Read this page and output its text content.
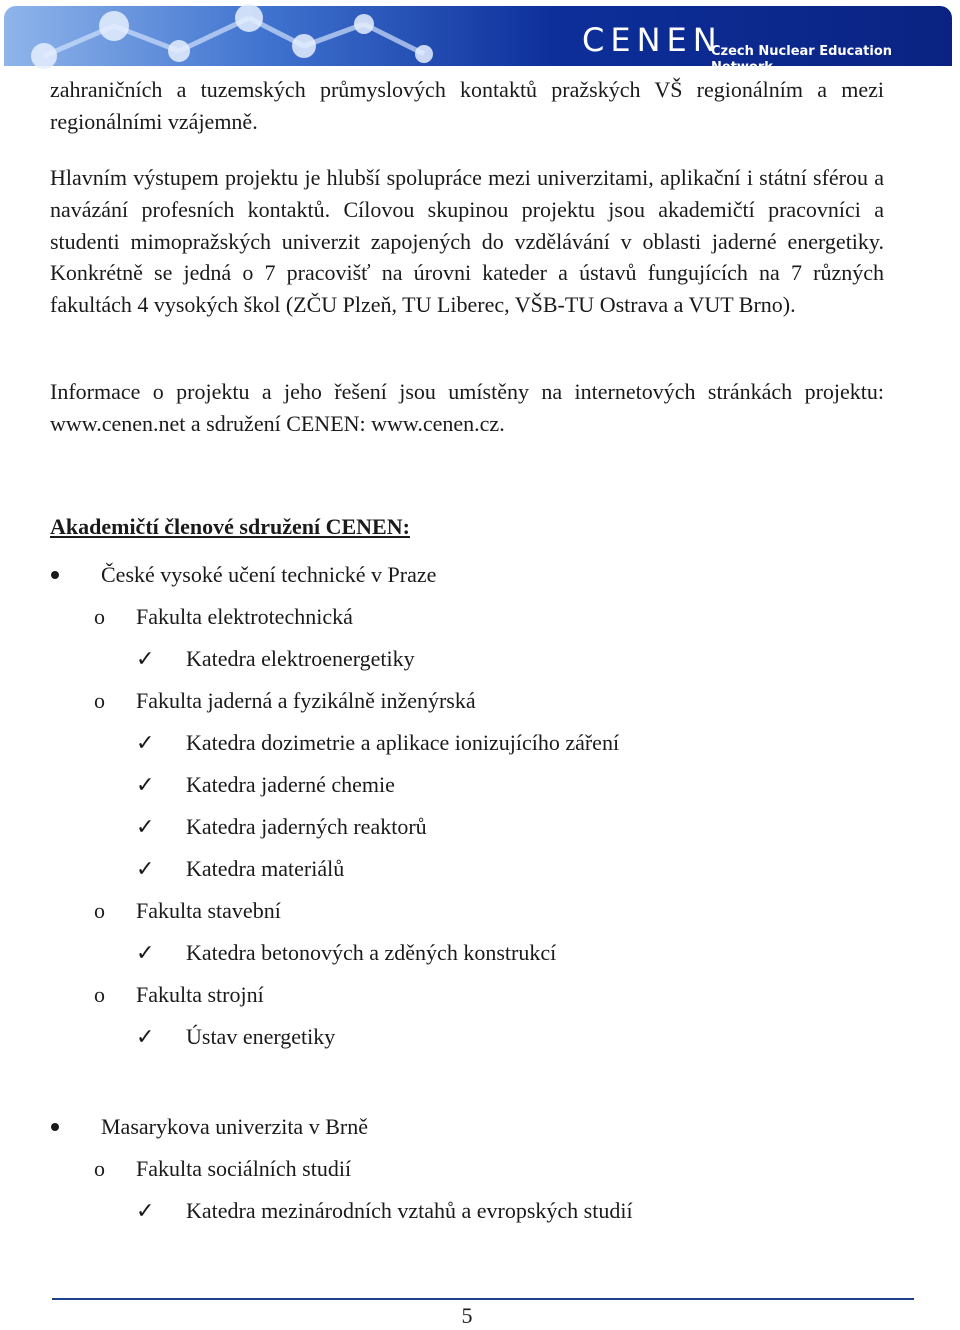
CENEN
Czech Nuclear Education Network

zahraničních a tuzemských průmyslových kontaktů pražských VŠ regionálním a mezi regionálními vzájemně.

Hlavním výstupem projektu je hlubší spolupráce mezi univerzitami, aplikační i státní sférou a navázání profesních kontaktů. Cílovou skupinou projektu jsou akademičtí pracovníci a studenti mimopražských univerzit zapojených do vzdělávání v oblasti jaderné energetiky. Konkrétně se jedná o 7 pracovišť na úrovni kateder a ústavů fungujících na 7 různých fakultách 4 vysokých škol (ZČU Plzeň, TU Liberec, VŠB-TU Ostrava a VUT Brno).

Informace o projektu a jeho řešení jsou umístěny na internetových stránkách projektu: www.cenen.net a sdružení CENEN: www.cenen.cz.

Akademičtí členové sdružení CENEN:
České vysoké učení technické v Praze
o Fakulta elektrotechnická
✓ Katedra elektroenergetiky
o Fakulta jaderná a fyzikálně inženýrská
✓ Katedra dozimetrie a aplikace ionizujícího záření
✓ Katedra jaderné chemie
✓ Katedra jaderných reaktorů
✓ Katedra materiálů
o Fakulta stavební
✓ Katedra betonových a zděných konstrukcí
o Fakulta strojní
✓ Ústav energetiky
Masarykova univerzita v Brně
o Fakulta sociálních studií
✓ Katedra mezinárodních vztahů a evropských studií
5
